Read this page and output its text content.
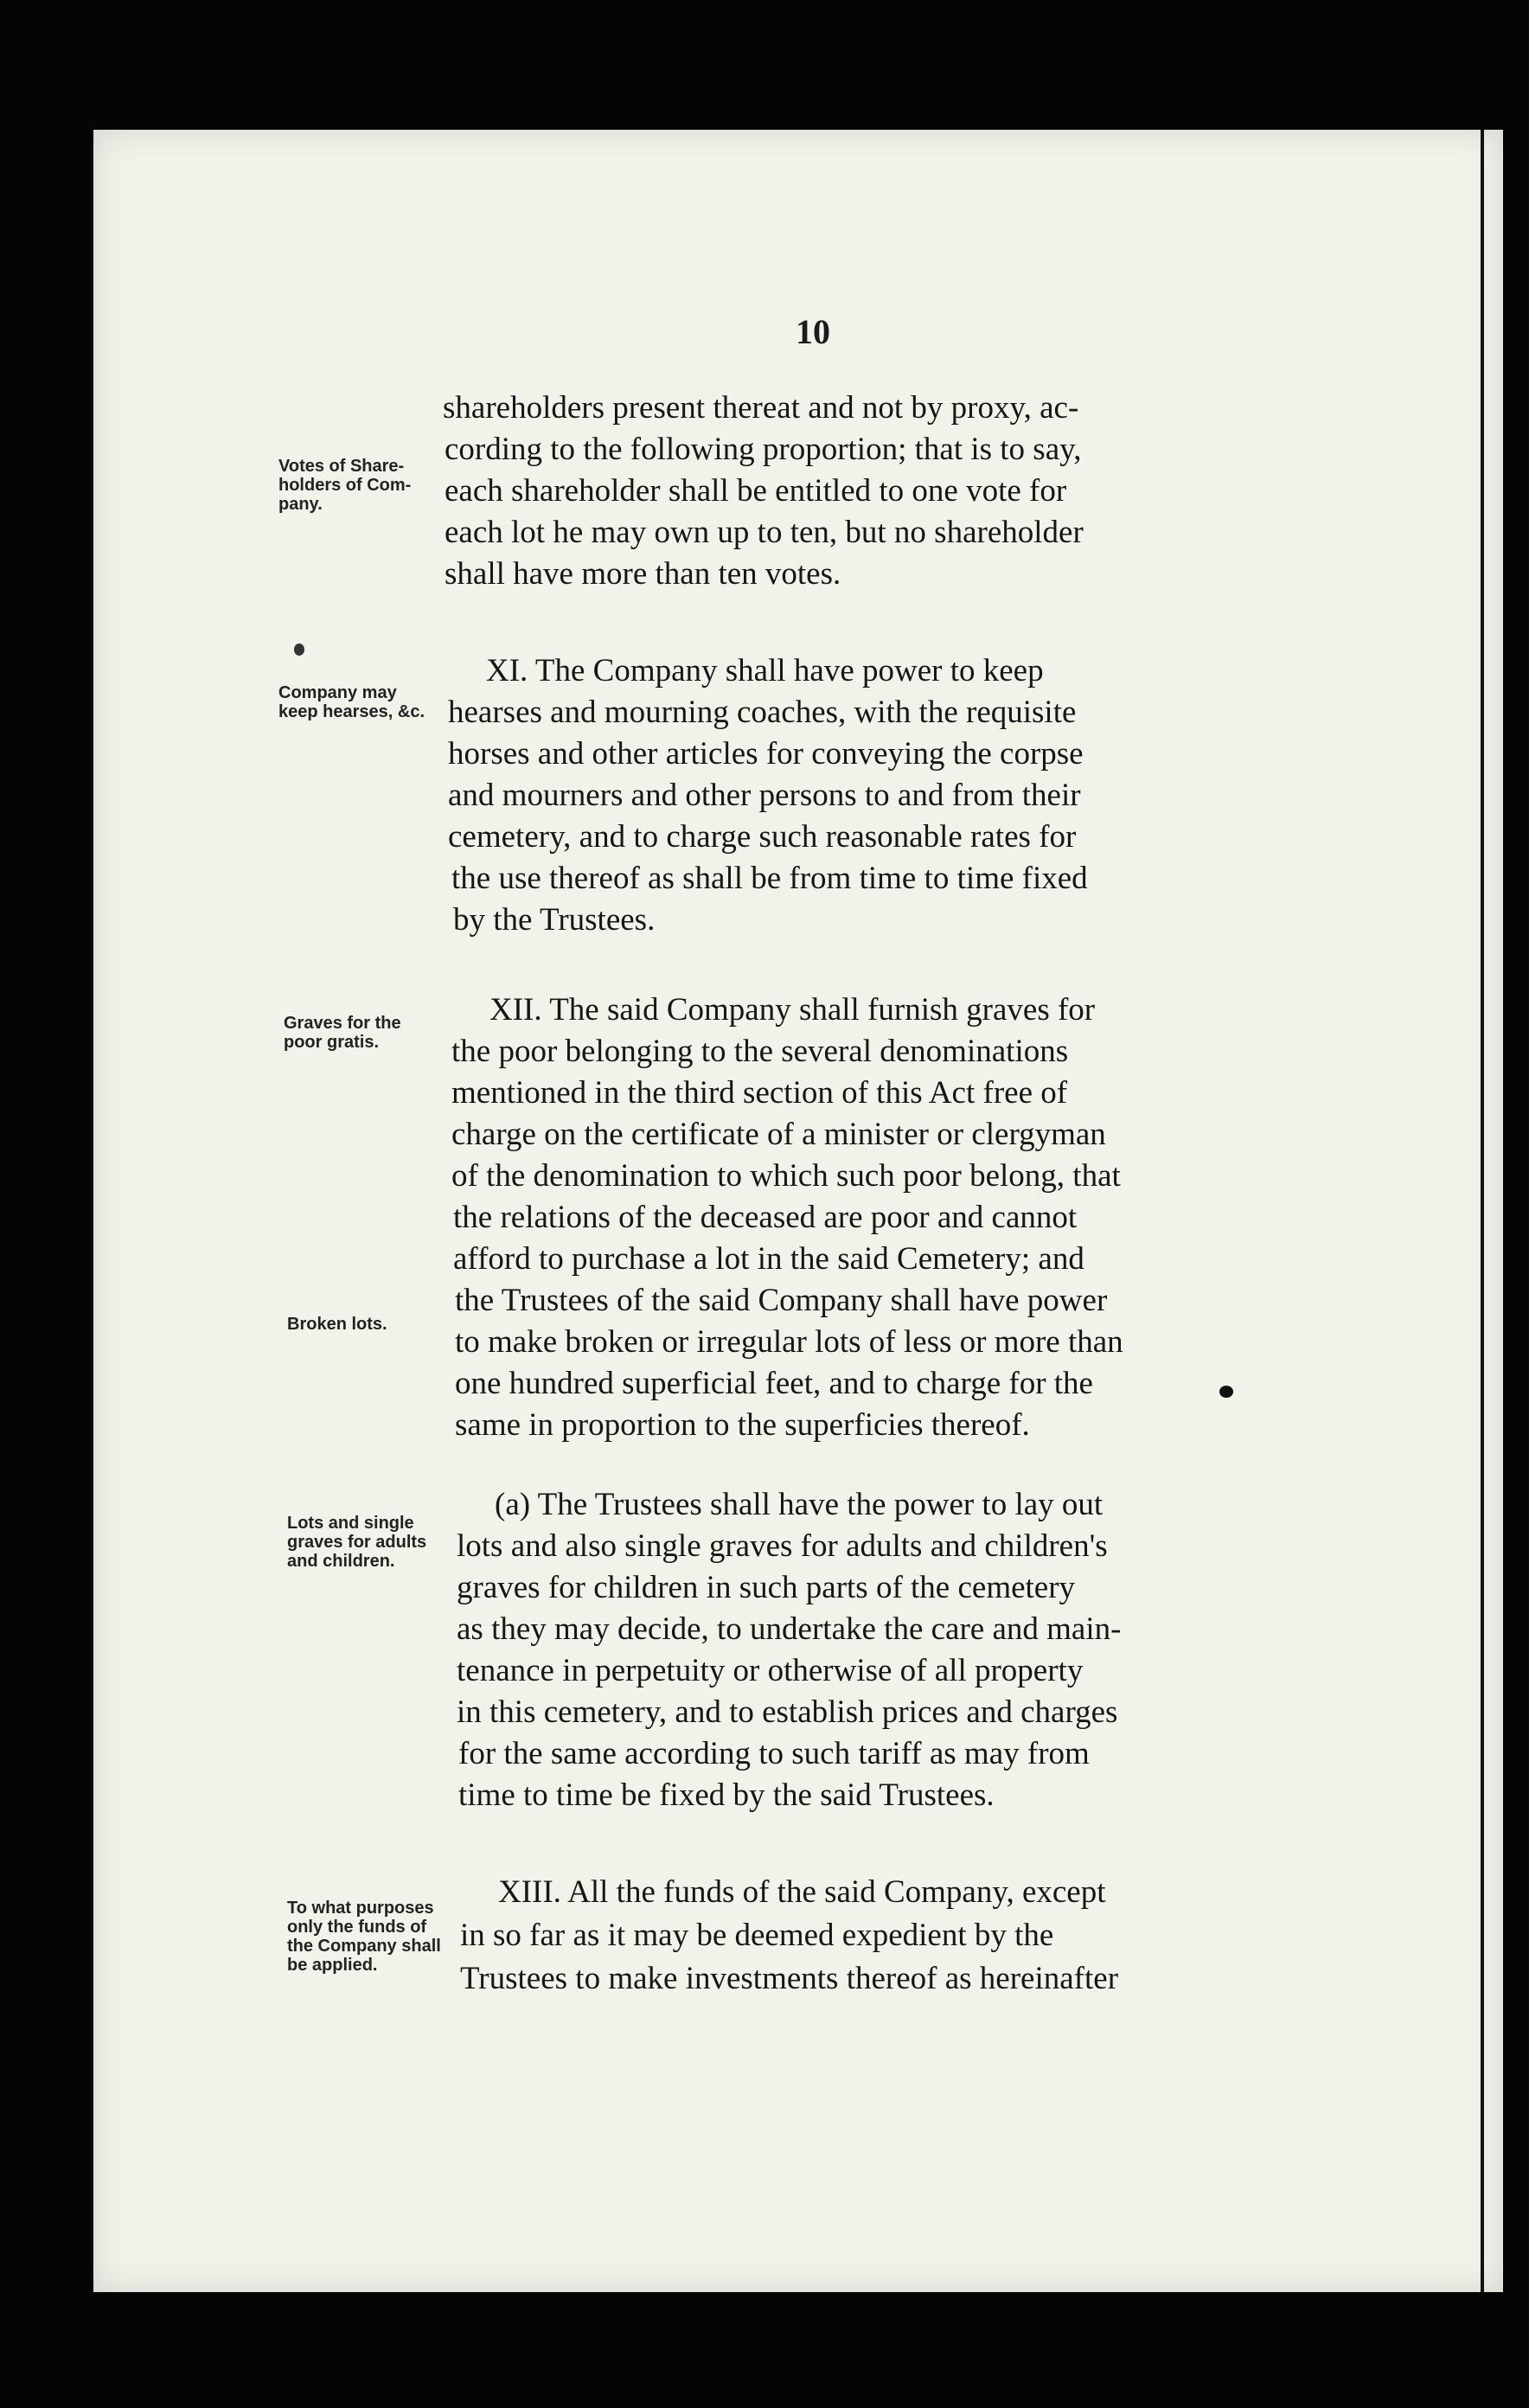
10
Votes of Share-holders of Com-pany.
Company may keep hearses, &c.
Graves for the poor gratis.
Broken lots.
Lots and single graves for adults and children.
To what purposes only the funds of the Company shall be applied.
shareholders present thereat and not by proxy, ac-
cording to the following proportion; that is to say,
each shareholder shall be entitled to one vote for
each lot he may own up to ten, but no shareholder
shall have more than ten votes.
XI. The Company shall have power to keep
hearses and mourning coaches, with the requisite
horses and other articles for conveying the corpse
and mourners and other persons to and from their
cemetery, and to charge such reasonable rates for
the use thereof as shall be from time to time fixed
by the Trustees.
XII. The said Company shall furnish graves for
the poor belonging to the several denominations
mentioned in the third section of this Act free of
charge on the certificate of a minister or clergyman
of the denomination to which such poor belong, that
the relations of the deceased are poor and cannot
afford to purchase a lot in the said Cemetery; and
the Trustees of the said Company shall have power
to make broken or irregular lots of less or more than
one hundred superficial feet, and to charge for the
same in proportion to the superficies thereof.
(a) The Trustees shall have the power to lay out
lots and also single graves for adults and children's
graves for children in such parts of the cemetery
as they may decide, to undertake the care and main-
tenance in perpetuity or otherwise of all property
in this cemetery, and to establish prices and charges
for the same according to such tariff as may from
time to time be fixed by the said Trustees.
XIII. All the funds of the said Company, except
in so far as it may be deemed expedient by the
Trustees to make investments thereof as hereinafter
